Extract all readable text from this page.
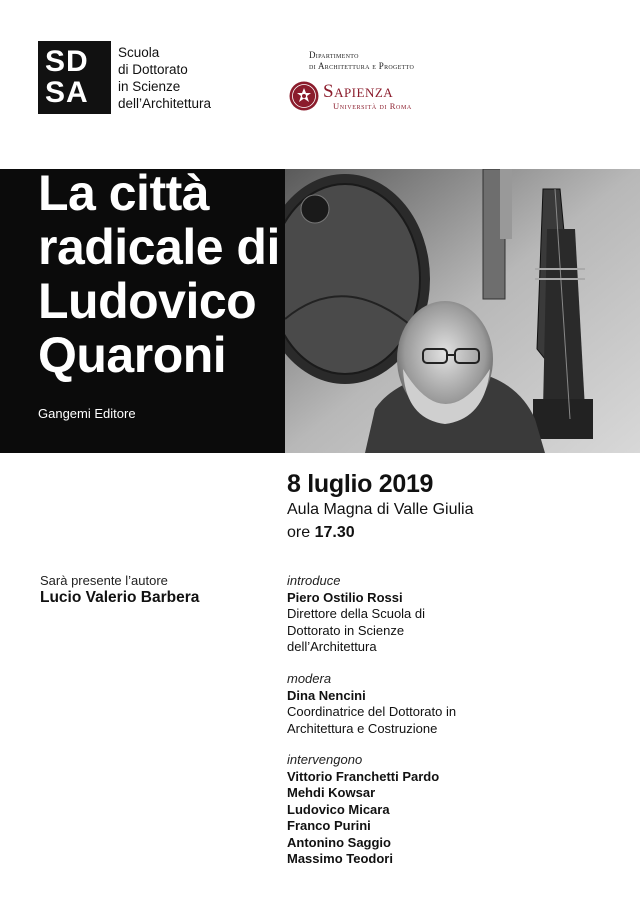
SD
SA
Scuola
di Dottorato
in Scienze
dell’Architettura
Dipartimento
di Architettura e Progetto
Sapienza
Università di Roma
La città
radicale di
Ludovico
Quaroni
Gangemi Editore
8 luglio 2019
Aula Magna di Valle Giulia
ore 17.30
Sarà presente l’autore
Lucio Valerio Barbera
introduce
Piero Ostilio Rossi
Direttore della Scuola di
Dottorato in Scienze
dell’Architettura
modera
Dina Nencini
Coordinatrice del Dottorato in
Architettura e Costruzione
intervengono
Vittorio Franchetti Pardo
Mehdi Kowsar
Ludovico Micara
Franco Purini
Antonino Saggio
Massimo Teodori
